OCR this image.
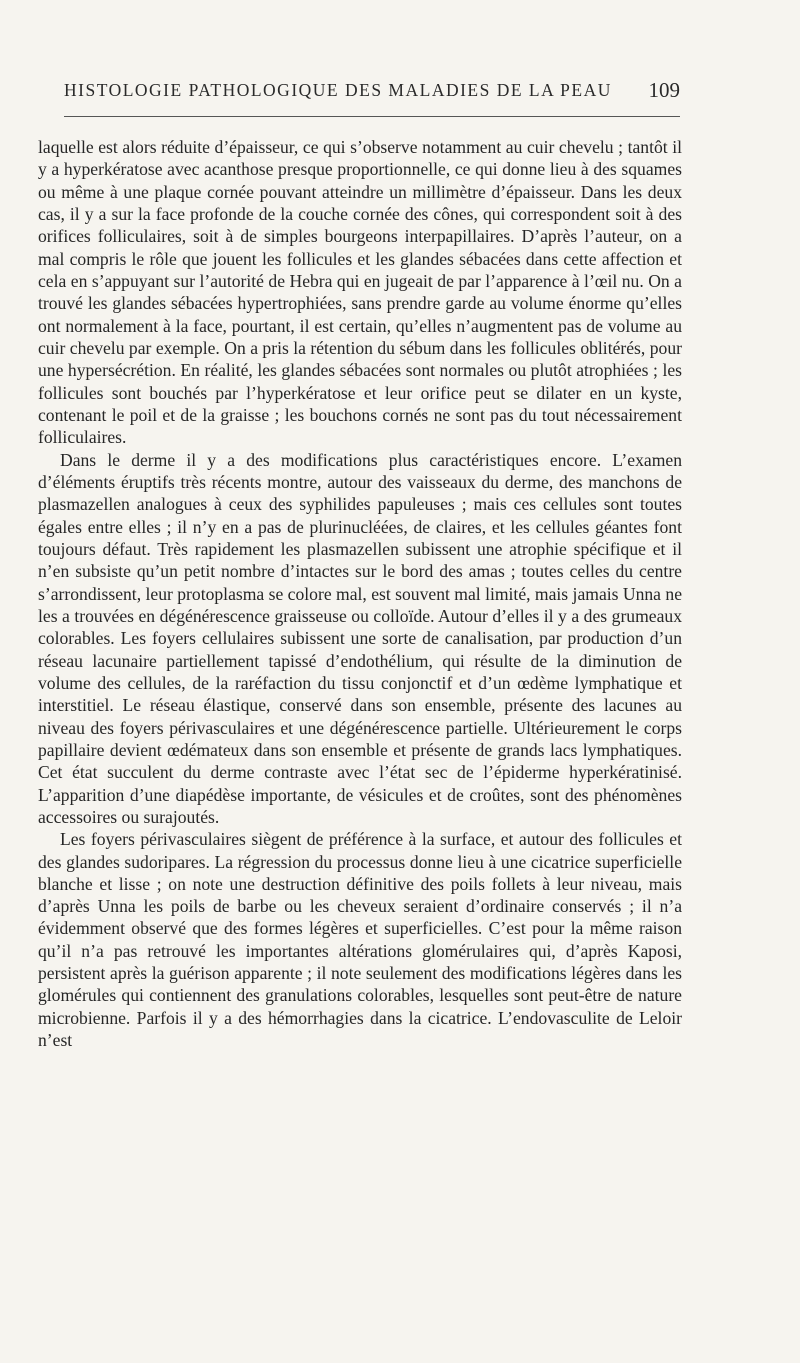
HISTOLOGIE PATHOLOGIQUE DES MALADIES DE LA PEAU 109

laquelle est alors réduite d’épaisseur, ce qui s’observe notamment au cuir chevelu ; tantôt il y a hyperkératose avec acanthose presque proportionnelle, ce qui donne lieu à des squames ou même à une plaque cornée pouvant atteindre un millimètre d’épaisseur. Dans les deux cas, il y a sur la face profonde de la couche cornée des cônes, qui correspondent soit à des orifices folliculaires, soit à de simples bourgeons interpapillaires. D’après l’auteur, on a mal compris le rôle que jouent les follicules et les glandes sébacées dans cette affection et cela en s’appuyant sur l’autorité de Hebra qui en jugeait de par l’apparence à l’œil nu. On a trouvé les glandes sébacées hypertrophiées, sans prendre garde au volume énorme qu’elles ont normalement à la face, pourtant, il est certain, qu’elles n’augmentent pas de volume au cuir chevelu par exemple. On a pris la rétention du sébum dans les follicules oblitérés, pour une hypersécrétion. En réalité, les glandes sébacées sont normales ou plutôt atrophiées ; les follicules sont bouchés par l’hyperkératose et leur orifice peut se dilater en un kyste, contenant le poil et de la graisse ; les bouchons cornés ne sont pas du tout nécessairement folliculaires.

Dans le derme il y a des modifications plus caractéristiques encore. L’examen d’éléments éruptifs très récents montre, autour des vaisseaux du derme, des manchons de plasmazellen analogues à ceux des syphilides papuleuses ; mais ces cellules sont toutes égales entre elles ; il n’y en a pas de plurinucléées, de claires, et les cellules géantes font toujours défaut. Très rapidement les plasmazellen subissent une atrophie spécifique et il n’en subsiste qu’un petit nombre d’intactes sur le bord des amas ; toutes celles du centre s’arrondissent, leur protoplasma se colore mal, est souvent mal limité, mais jamais Unna ne les a trouvées en dégénérescence graisseuse ou colloïde. Autour d’elles il y a des grumeaux colorables. Les foyers cellulaires subissent une sorte de canalisation, par production d’un réseau lacunaire partiellement tapissé d’endothélium, qui résulte de la diminution de volume des cellules, de la raréfaction du tissu conjonctif et d’un œdème lymphatique et interstitiel. Le réseau élastique, conservé dans son ensemble, présente des lacunes au niveau des foyers périvasculaires et une dégénérescence partielle. Ultérieurement le corps papillaire devient œdémateux dans son ensemble et présente de grands lacs lymphatiques. Cet état succulent du derme contraste avec l’état sec de l’épiderme hyperkératinisé. L’apparition d’une diapédèse importante, de vésicules et de croûtes, sont des phénomènes accessoires ou surajoutés.

Les foyers périvasculaires siègent de préférence à la surface, et autour des follicules et des glandes sudoripares. La régression du processus donne lieu à une cicatrice superficielle blanche et lisse ; on note une destruction définitive des poils follets à leur niveau, mais d’après Unna les poils de barbe ou les cheveux seraient d’ordinaire conservés ; il n’a évidemment observé que des formes légères et superficielles. C’est pour la même raison qu’il n’a pas retrouvé les importantes altérations glomérulaires qui, d’après Kaposi, persistent après la guérison apparente ; il note seulement des modifications légères dans les glomérules qui contiennent des granulations colorables, lesquelles sont peut-être de nature microbienne. Parfois il y a des hémorrhagies dans la cicatrice. L’endovasculite de Leloir n’est
